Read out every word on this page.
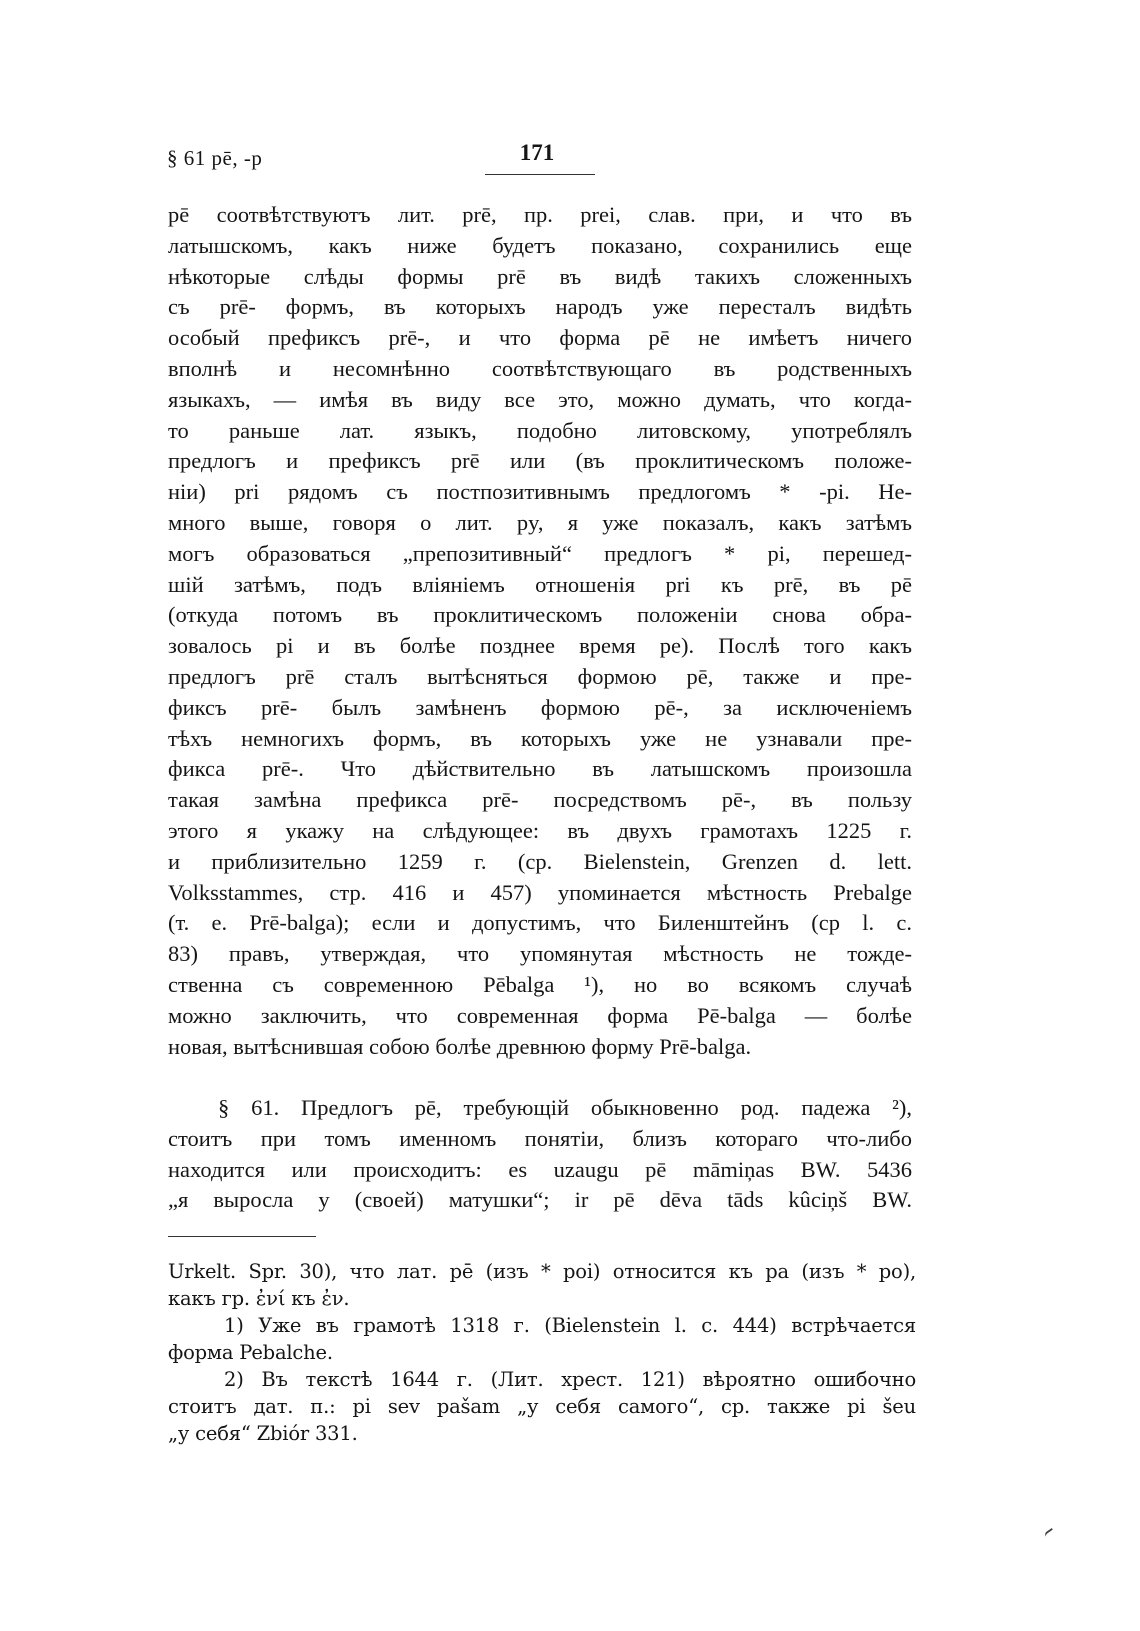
§ 61 pē, -p	171
pē соотвѣтствуютъ лит. prē, пр. prei, слав. при, и что въ
латышскомъ, какъ ниже будетъ показано, сохранились еще
нѣкоторые слѣды формы prē въ видѣ такихъ сложенныхъ
съ prē- формъ, въ которыхъ народъ уже пересталъ видѣть
особый префиксъ prē-, и что форма pē не имѣетъ ничего
вполнѣ и несомнѣнно соотвѣтствующаго въ родственныхъ
языкахъ, — имѣя въ виду все это, можно думать, что когда-
то раньше лат. языкъ, подобно литовскому, употреблялъ
предлогъ и префиксъ prē или (въ проклитическомъ положе-
ніи) pri рядомъ съ постпозитивнымъ предлогомъ * -pi. Не-
много выше, говоря о лит. py, я уже показалъ, какъ затѣмъ
могъ образоваться „препозитивный“ предлогъ * pi, перешед-
шій затѣмъ, подъ вліяніемъ отношенія pri къ prē, въ pē
(откуда потомъ въ проклитическомъ положеніи снова обра-
зовалось pi и въ болѣе позднее время pe). Послѣ того какъ
предлогъ prē сталъ вытѣсняться формою pē, также и пре-
фиксъ prē- былъ замѣненъ формою pē-, за исключеніемъ
тѣхъ немногихъ формъ, въ которыхъ уже не узнавали пре-
фикса prē-. Что дѣйствительно въ латышскомъ произошла
такая замѣна префикса prē- посредствомъ pē-, въ пользу
этого я укажу на слѣдующее: въ двухъ грамотахъ 1225 г.
и приблизительно 1259 г. (ср. Bielenstein, Grenzen d. lett.
Volksstammes, стр. 416 и 457) упоминается мѣстность Prebalge
(т. е. Prē-balga); если и допустимъ, что Биленштейнъ (ср l. c.
83) правъ, утверждая, что упомянутая мѣстность не тожде-
ственна съ современною Pēbalga ¹), но во всякомъ случаѣ
можно заключить, что современная форма Pē-balga — болѣе
новая, вытѣснившая собою болѣе древнюю форму Prē-balga.
§ 61. Предлогъ pē, требующій обыкновенно род. падежа ²),
стоитъ при томъ именномъ понятіи, близъ котораго что-либо
находится или происходитъ: es uzaugu pē māmiņas BW. 5436
„я выросла у (своей) матушки“; ir pē dēva tāds kûciņš BW.
Urkelt. Spr. 30), что лат. pē (изъ * poi) относится къ pa (изъ * po),
какъ гр. ἐνί къ ἐν.
1) Уже въ грамотѣ 1318 г. (Bielenstein l. c. 444) встрѣчается
форма Pebalche.
2) Въ текстѣ 1644 г. (Лит. хрест. 121) вѣроятно ошибочно
стоитъ дат. п.: pi sev pašam „у себя самого“, ср. также pi šeu
„у себя“ Zbiór 331.
